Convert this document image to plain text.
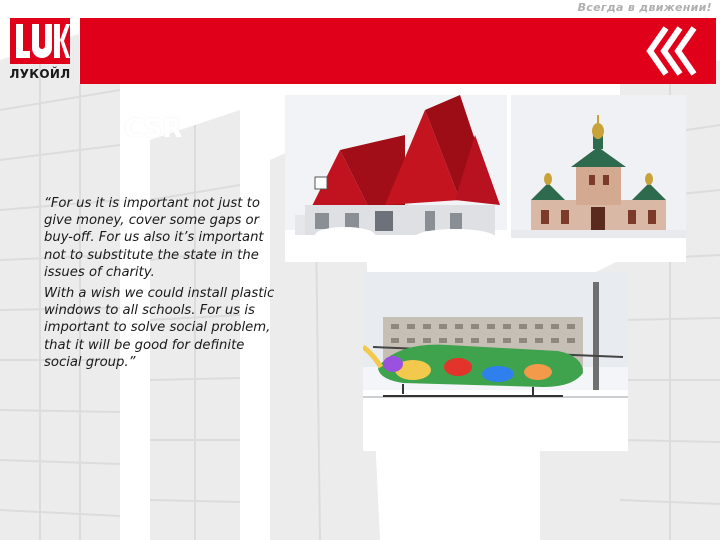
Всегда в движении!
ЛУКОЙЛ
CSR

“For us it is important not just to give money, cover some gaps or buy-off. For us also it’s important not to substitute the state in the issues of charity.

With a wish we could install plastic windows to all schools. For us is important to solve social problem, that it will be good for definite social group.”
